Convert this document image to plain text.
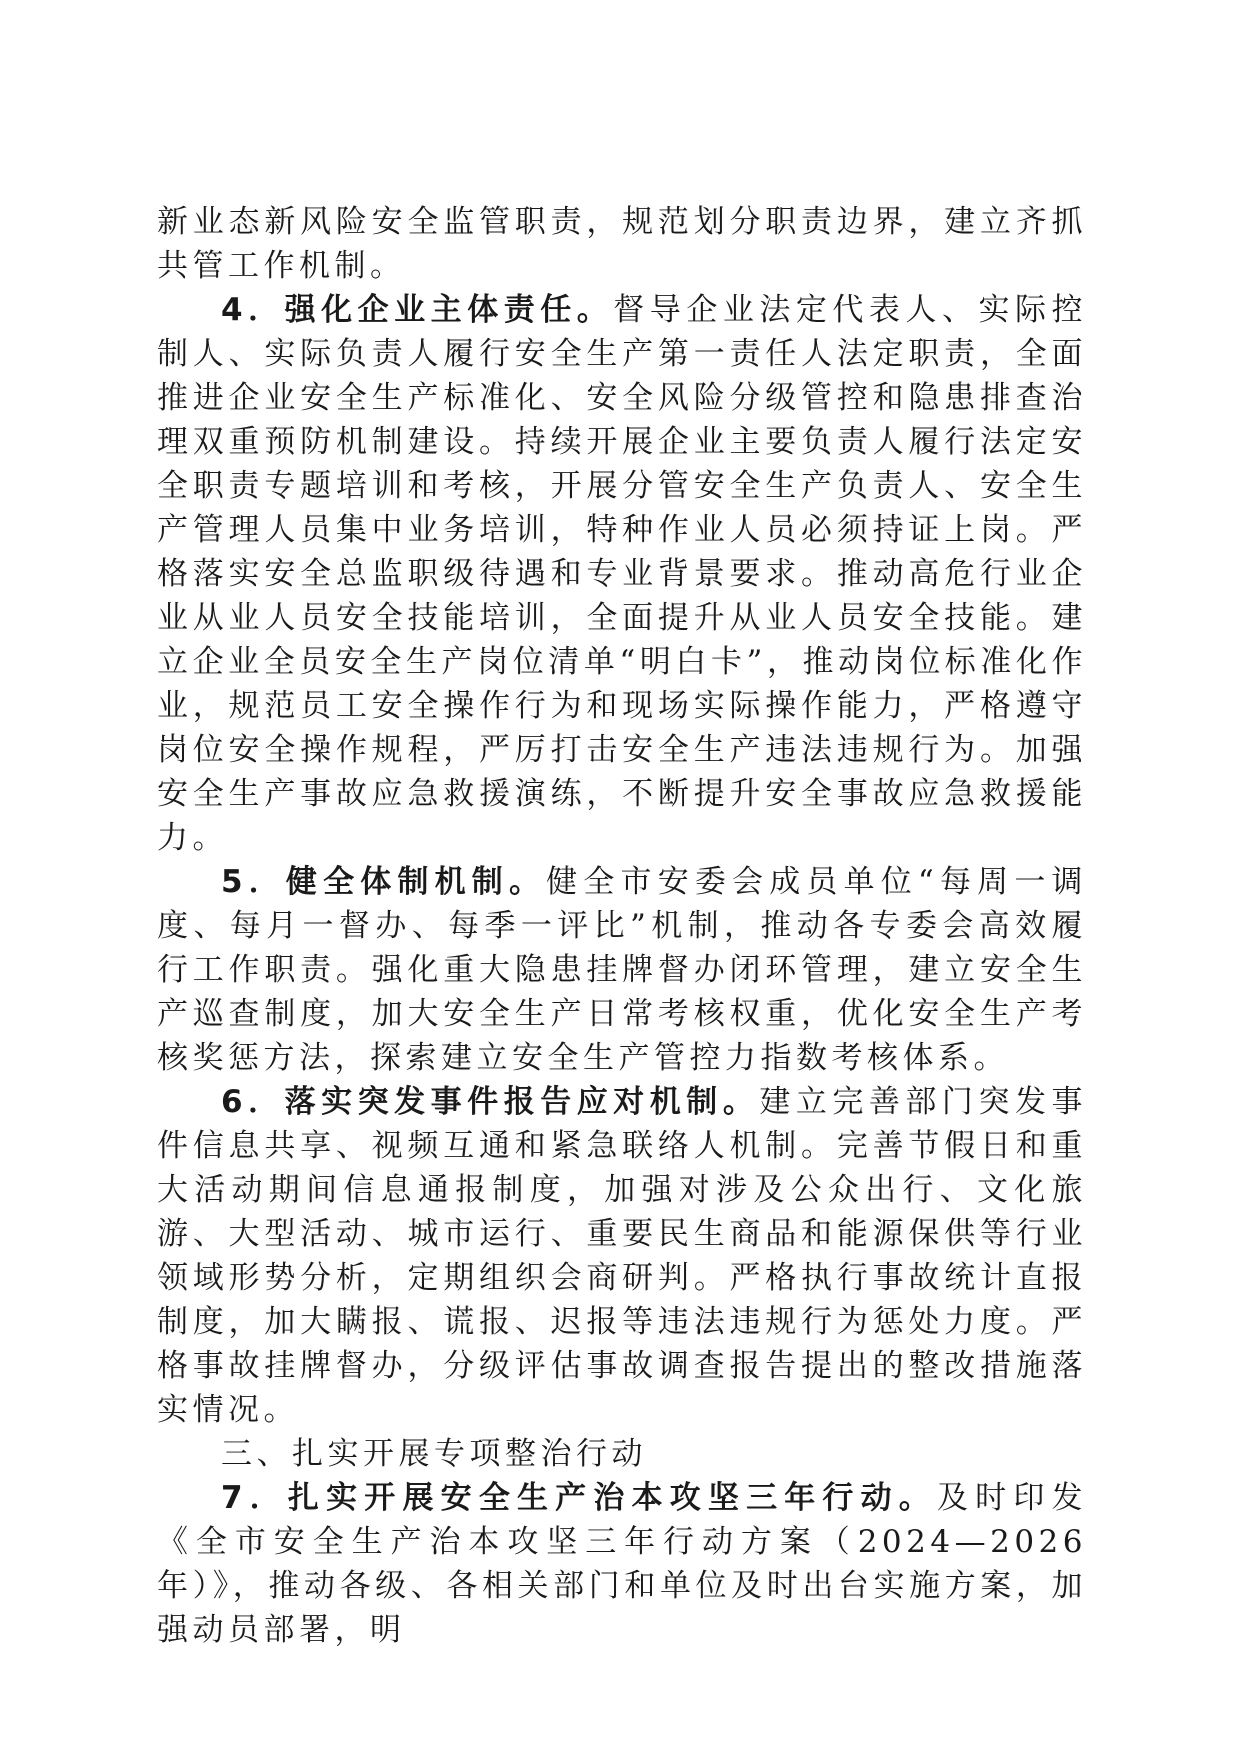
新业态新风险安全监管职责，规范划分职责边界，建立齐抓共管工作机制。

4．强化企业主体责任。督导企业法定代表人、实际控制人、实际负责人履行安全生产第一责任人法定职责，全面推进企业安全生产标准化、安全风险分级管控和隐患排查治理双重预防机制建设。持续开展企业主要负责人履行法定安全职责专题培训和考核，开展分管安全生产负责人、安全生产管理人员集中业务培训，特种作业人员必须持证上岗。严格落实安全总监职级待遇和专业背景要求。推动高危行业企业从业人员安全技能培训，全面提升从业人员安全技能。建立企业全员安全生产岗位清单“明白卡”，推动岗位标准化作业，规范员工安全操作行为和现场实际操作能力，严格遵守岗位安全操作规程，严厉打击安全生产违法违规行为。加强安全生产事故应急救援演练，不断提升安全事故应急救援能力。

5．健全体制机制。健全市安委会成员单位“每周一调度、每月一督办、每季一评比”机制，推动各专委会高效履行工作职责。强化重大隐患挂牌督办闭环管理，建立安全生产巡查制度，加大安全生产日常考核权重，优化安全生产考核奖惩方法，探索建立安全生产管控力指数考核体系。

6．落实突发事件报告应对机制。建立完善部门突发事件信息共享、视频互通和紧急联络人机制。完善节假日和重大活动期间信息通报制度，加强对涉及公众出行、文化旅游、大型活动、城市运行、重要民生商品和能源保供等行业领域形势分析，定期组织会商研判。严格执行事故统计直报制度，加大瞒报、谎报、迟报等违法违规行为惩处力度。严格事故挂牌督办，分级评估事故调查报告提出的整改措施落实情况。

三、扎实开展专项整治行动

7．扎实开展安全生产治本攻坚三年行动。及时印发《全市安全生产治本攻坚三年行动方案（2024—2026年）》，推动各级、各相关部门和单位及时出台实施方案，加强动员部署，明
